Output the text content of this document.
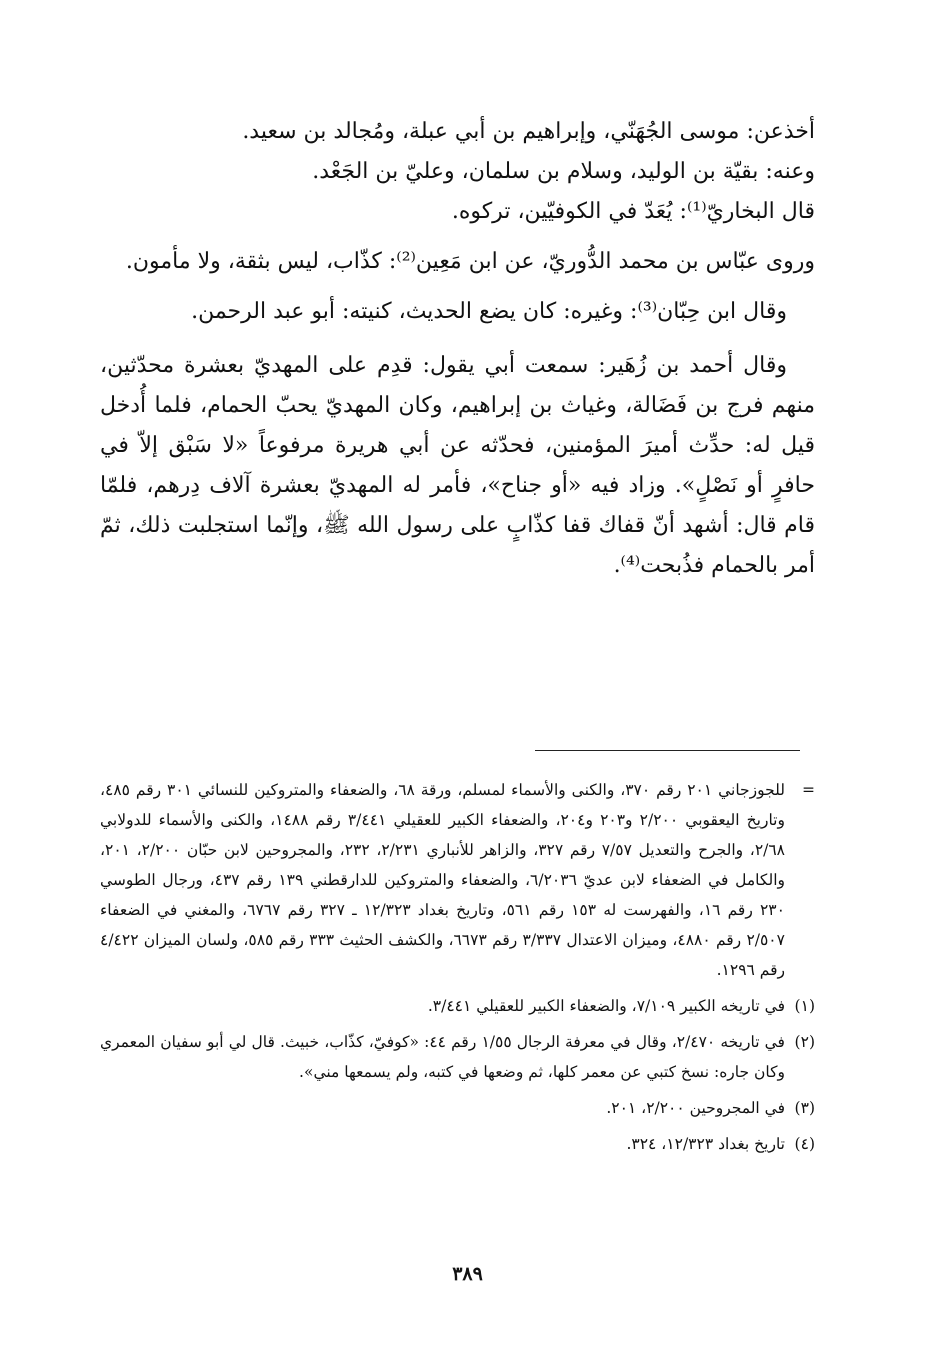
أخذعن: موسى الجُهَنّي، وإبراهيم بن أبي عبلة، ومُجالد بن سعيد.

وعنه: بقيّة بن الوليد، وسلام بن سلمان، وعليّ بن الجَعْد.

قال البخاريّ⁽¹⁾: يُعَدّ في الكوفيّين، تركوه.

وروى عبّاس بن محمد الدُّوريّ، عن ابن مَعِين⁽²⁾: كذّاب، ليس بثقة، ولا مأمون.

وقال ابن حِبّان⁽³⁾: وغيره: كان يضع الحديث، كنيته: أبو عبد الرحمن.

وقال أحمد بن زُهَير: سمعت أبي يقول: قدِم على المهديّ بعشرة محدّثين، منهم فرج بن فَضَالة، وغياث بن إبراهيم، وكان المهديّ يحبّ الحمام، فلما أُدخل قيل له: حدِّث أميرَ المؤمنين، فحدّثه عن أبي هريرة مرفوعاً «لا سَبْق إلاّ في حافرٍ أو نَصْلٍ». وزاد فيه «أو جناح»، فأمر له المهديّ بعشرة آلاف دِرهم، فلمّا قام قال: أشهد أنّ قفاك قفا كذّابٍ على رسول الله ﷺ، وإنّما استجلبت ذلك، ثمّ أمر بالحمام فذُبحت⁽⁴⁾.

=
للجوزجاني ٢٠١ رقم ٣٧٠، والكنى والأسماء لمسلم، ورقة ٦٨، والضعفاء والمتروكين للنسائي ٣٠١ رقم ٤٨٥، وتاريخ اليعقوبي ٢/٢٠٠ و٢٠٣ و٢٠٤، والضعفاء الكبير للعقيلي ٣/٤٤١ رقم ١٤٨٨، والكنى والأسماء للدولابي ٢/٦٨، والجرح والتعديل ٧/٥٧ رقم ٣٢٧، والزاهر للأنباري ٢/٢٣١، ٢٣٢، والمجروحين لابن حبّان ٢/٢٠٠، ٢٠١، والكامل في الضعفاء لابن عديّ ٦/٢٠٣٦، والضعفاء والمتروكين للدارقطني ١٣٩ رقم ٤٣٧، ورجال الطوسي ٢٣٠ رقم ١٦، والفهرست له ١٥٣ رقم ٥٦١، وتاريخ بغداد ١٢/٣٢٣ ـ ٣٢٧ رقم ٦٧٦٧، والمغني في الضعفاء ٢/٥٠٧ رقم ٤٨٨٠، وميزان الاعتدال ٣/٣٣٧ رقم ٦٦٧٣، والكشف الحثيث ٣٣٣ رقم ٥٨٥، ولسان الميزان ٤/٤٢٢ رقم ١٢٩٦.
(١)
في تاريخه الكبير ٧/١٠٩، والضعفاء الكبير للعقيلي ٣/٤٤١.
(٢)
في تاريخه ٢/٤٧٠، وقال في معرفة الرجال ١/٥٥ رقم ٤٤: «كوفيّ، كذّاب، خبيث. قال لي أبو سفيان المعمري وكان جاره: نسخ كتبي عن معمر كلها، ثم وضعها في كتبه، ولم يسمعها مني».
(٣)
في المجروحين ٢/٢٠٠، ٢٠١.
(٤)
تاريخ بغداد ١٢/٣٢٣، ٣٢٤.
٣٨٩
